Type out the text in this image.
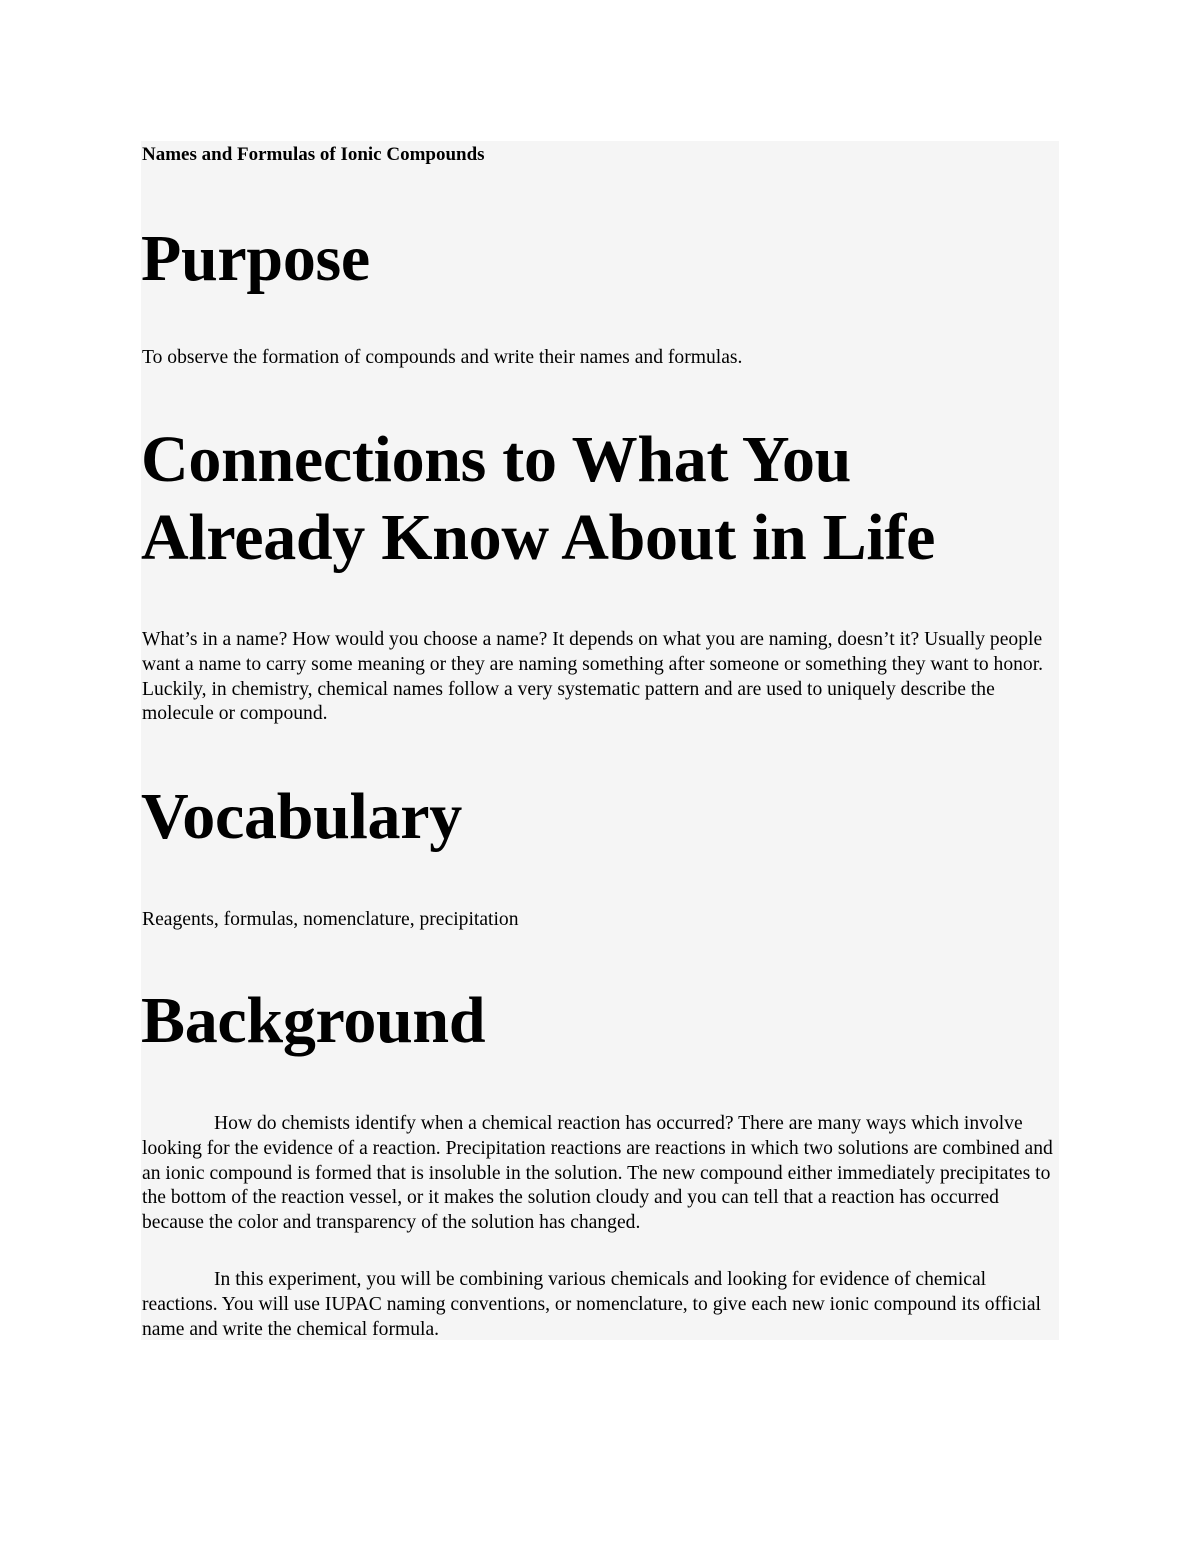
Names and Formulas of Ionic Compounds

Purpose

To observe the formation of compounds and write their names and formulas.

Connections to What You Already Know About in Life

What’s in a name? How would you choose a name? It depends on what you are naming, doesn’t it? Usually people want a name to carry some meaning or they are naming something after someone or something they want to honor. Luckily, in chemistry, chemical names follow a very systematic pattern and are used to uniquely describe the molecule or compound.

Vocabulary

Reagents, formulas, nomenclature, precipitation

Background

How do chemists identify when a chemical reaction has occurred? There are many ways which involve looking for the evidence of a reaction. Precipitation reactions are reactions in which two solutions are combined and an ionic compound is formed that is insoluble in the solution. The new compound either immediately precipitates to the bottom of the reaction vessel, or it makes the solution cloudy and you can tell that a reaction has occurred because the color and transparency of the solution has changed.

In this experiment, you will be combining various chemicals and looking for evidence of chemical reactions. You will use IUPAC naming conventions, or nomenclature, to give each new ionic compound its official name and write the chemical formula.
